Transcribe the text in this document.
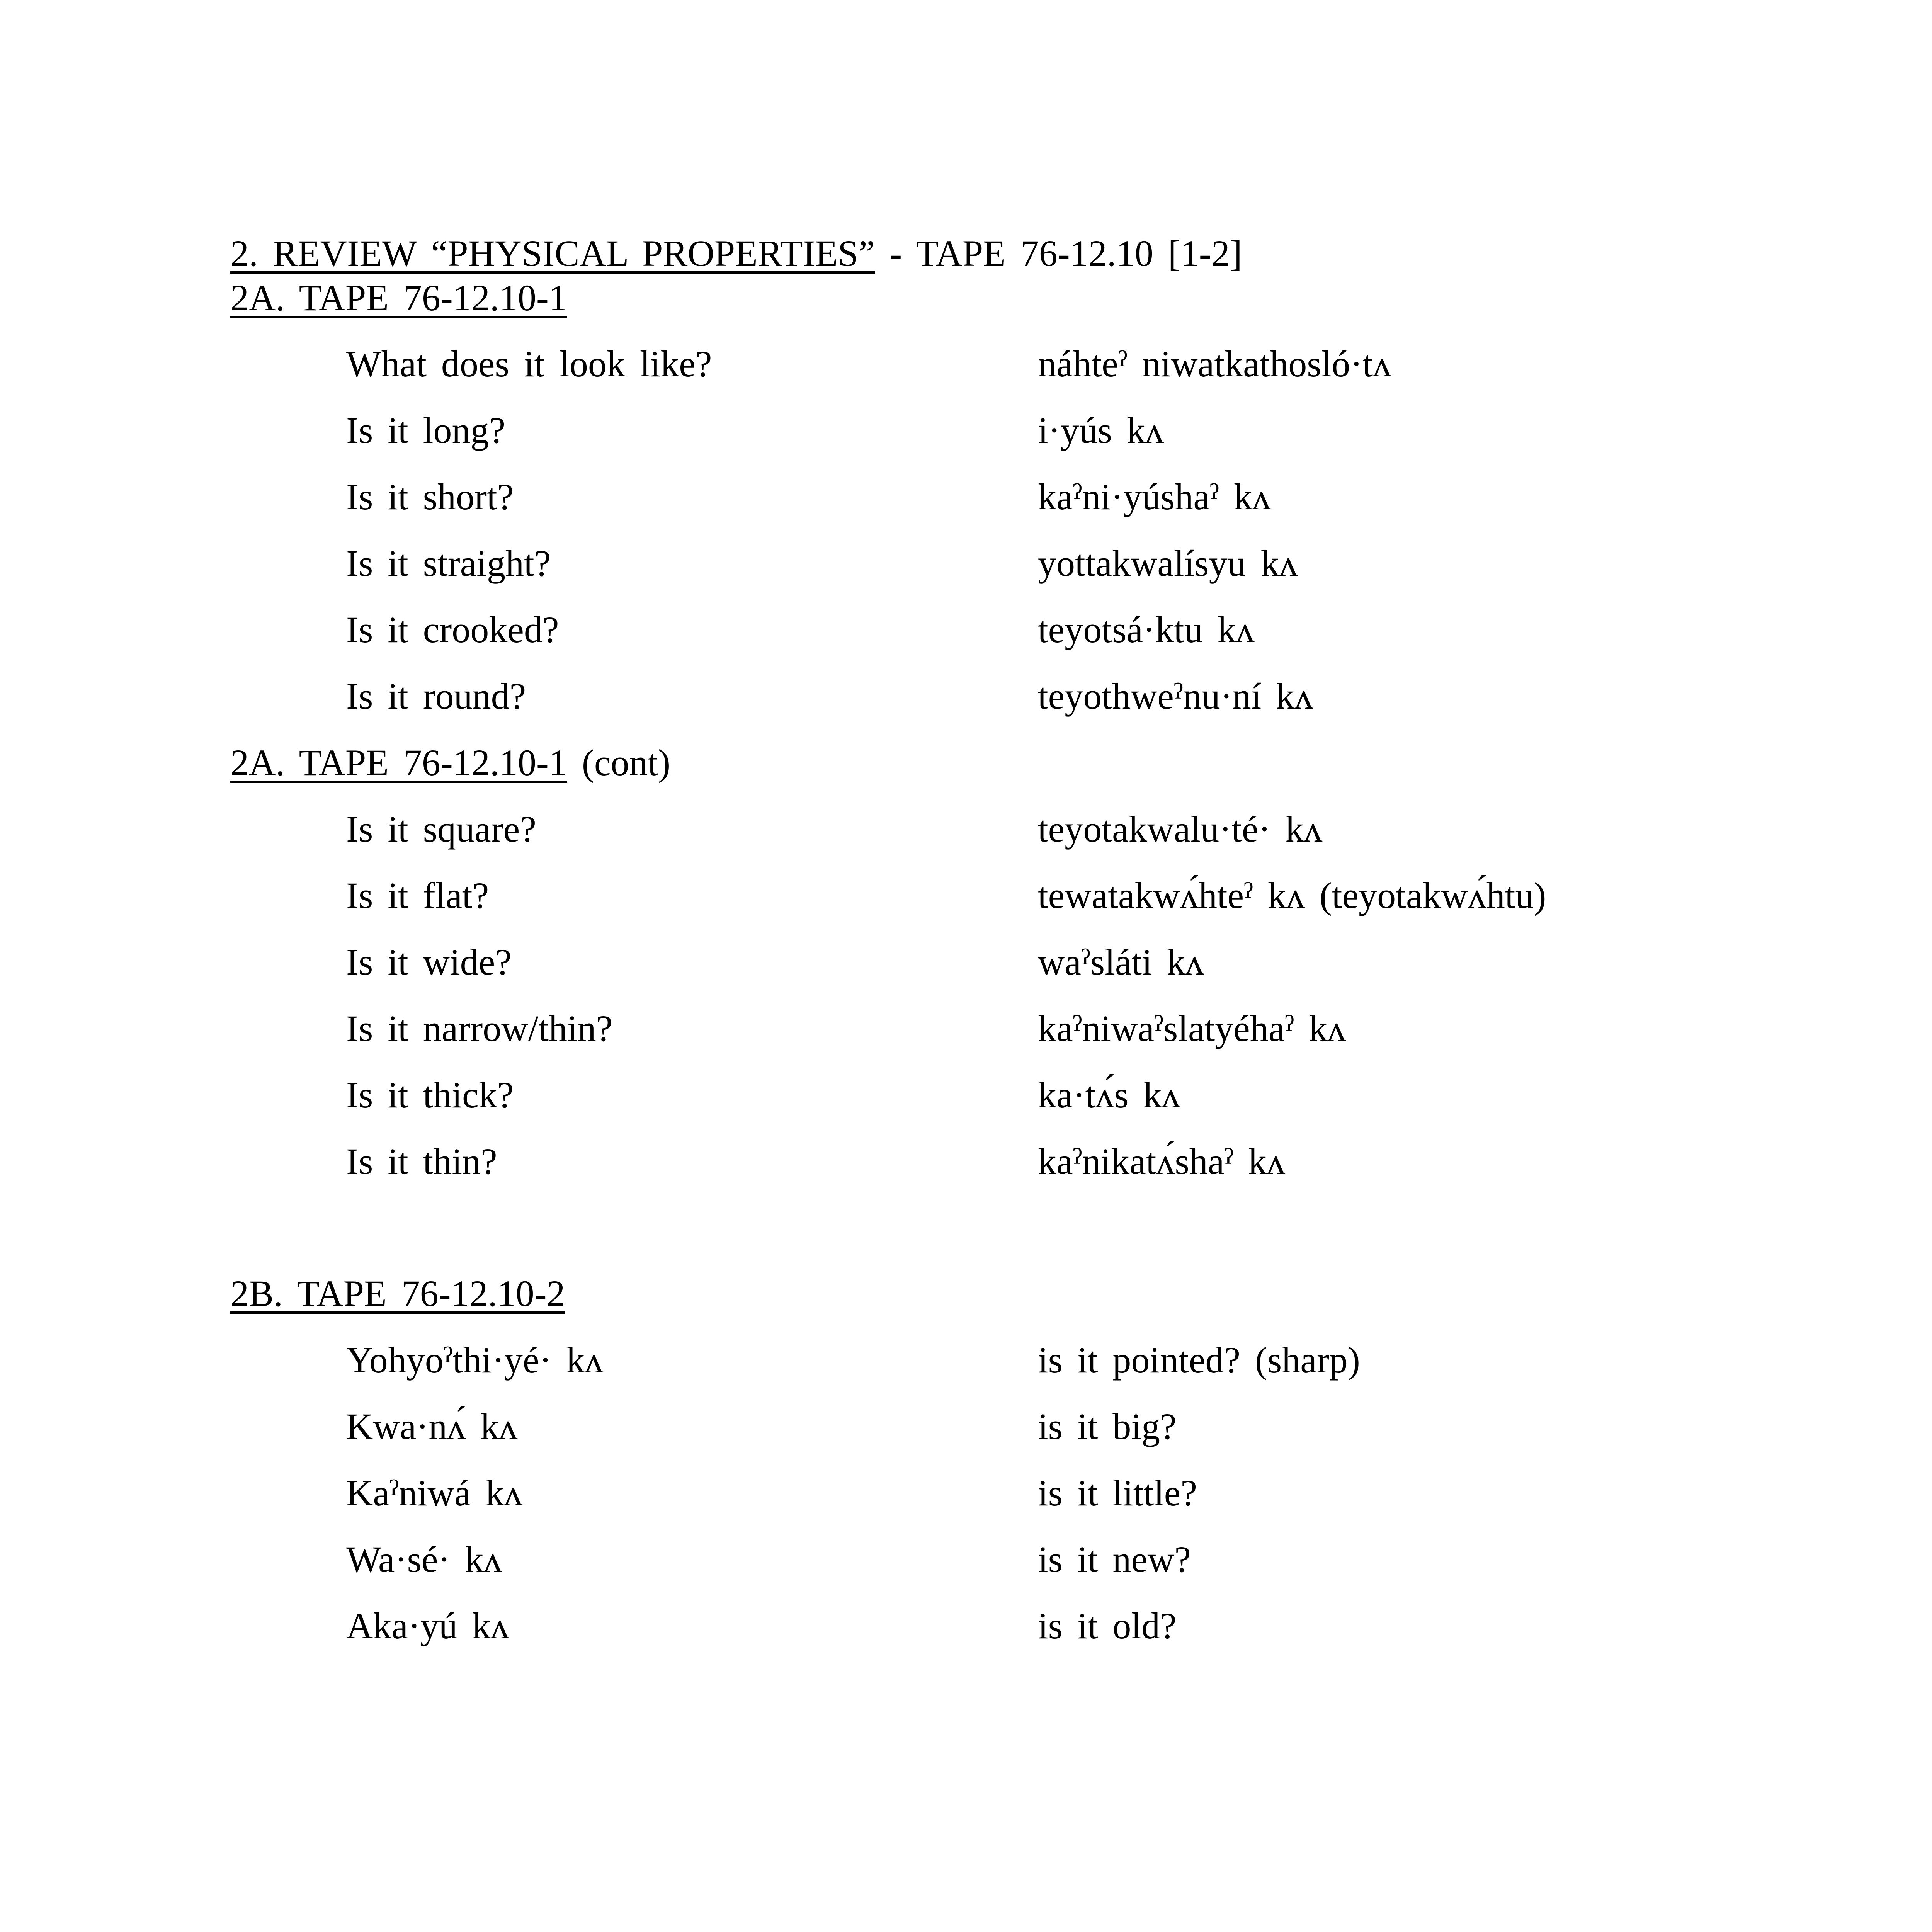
2. REVIEW “PHYSICAL PROPERTIES” - TAPE 76-12.10 [1-2]
2A. TAPE 76-12.10-1
What does it look like?	náhteˀ niwatkathosló·tʌ
Is it long?	i·yús kʌ
Is it short?	kaˀni·yúshaˀ kʌ
Is it straight?	yottakwalísyu kʌ
Is it crooked?	teyotsá·ktu kʌ
Is it round?	teyothweˀnu·ní kʌ
2A. TAPE 76-12.10-1 (cont)
Is it square?	teyotakwalu·té· kʌ
Is it flat?	tewatakwʌ́hteˀ kʌ (teyotakwʌ́htu)
Is it wide?	waˀsláti kʌ
Is it narrow/thin?	kaˀniwaˀslatyéhaˀ kʌ
Is it thick?	ka·tʌ́s kʌ
Is it thin?	kaˀnikatʌ́shaˀ kʌ
2B. TAPE 76-12.10-2
Yohyoˀthi·yé· kʌ	is it pointed? (sharp)
Kwa·nʌ́ kʌ	is it big?
Kaˀniwá kʌ	is it little?
Wa·sé· kʌ	is it new?
Aka·yú kʌ	is it old?
